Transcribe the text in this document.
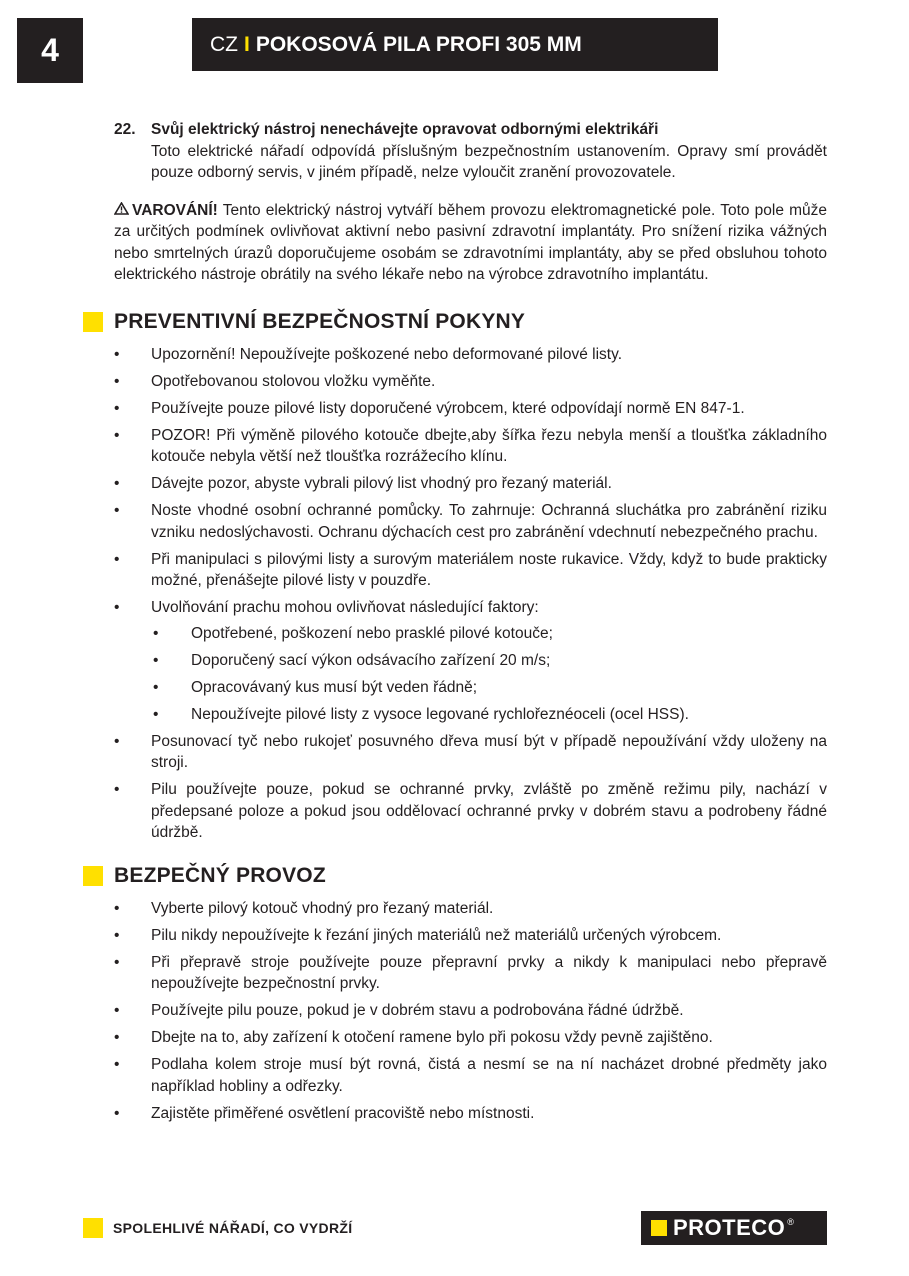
4	CZ I POKOSOVÁ PILA PROFI 305 MM
22. Svůj elektrický nástroj nenechávejte opravovat odbornými elektrikáři
Toto elektrické nářadí odpovídá příslušným bezpečnostním ustanovením. Opravy smí provádět pouze odborný servis, v jiném případě, nelze vyloučit zranění provozovatele.
VAROVÁNÍ! Tento elektrický nástroj vytváří během provozu elektromagnetické pole. Toto pole může za určitých podmínek ovlivňovat aktivní nebo pasivní zdravotní implantáty. Pro snížení rizika vážných nebo smrtelných úrazů doporučujeme osobám se zdravotními implantáty, aby se před obsluhou tohoto elektrického nástroje obrátily na svého lékaře nebo na výrobce zdravotního implantátu.
PREVENTIVNÍ BEZPEČNOSTNÍ POKYNY
• Upozornění! Nepoužívejte poškozené nebo deformované pilové listy.
• Opotřebovanou stolovou vložku vyměňte.
• Používejte pouze pilové listy doporučené výrobcem, které odpovídají normě EN 847-1.
• POZOR! Při výměně pilového kotouče dbejte,aby šířka řezu nebyla menší a tloušťka základního kotouče nebyla větší než tloušťka rozrážecího klínu.
• Dávejte pozor, abyste vybrali pilový list vhodný pro řezaný materiál.
• Noste vhodné osobní ochranné pomůcky. To zahrnuje: Ochranná sluchátka pro zabránění riziku vzniku nedoslýchavosti. Ochranu dýchacích cest pro zabránění vdechnutí nebezpečného prachu.
• Při manipulaci s pilovými listy a surovým materiálem noste rukavice. Vždy, když to bude prakticky možné, přenášejte pilové listy v pouzdře.
• Uvolňování prachu mohou ovlivňovat následující faktory:
• Opotřebené, poškození nebo prasklé pilové kotouče;
• Doporučený sací výkon odsávacího zařízení 20 m/s;
• Opracovávaný kus musí být veden řádně;
• Nepoužívejte pilové listy z vysoce legované rychlořeznéoceli (ocel HSS).
• Posunovací tyč nebo rukojeť posuvného dřeva musí být v případě nepoužívání vždy uloženy na stroji.
• Pilu používejte pouze, pokud se ochranné prvky, zvláště po změně režimu pily, nachází v předepsané poloze a pokud jsou oddělovací ochranné prvky v dobrém stavu a podrobeny řádné údržbě.
BEZPEČNÝ PROVOZ
• Vyberte pilový kotouč vhodný pro řezaný materiál.
• Pilu nikdy nepoužívejte k řezání jiných materiálů než materiálů určených výrobcem.
• Při přepravě stroje používejte pouze přepravní prvky a nikdy k manipulaci nebo přepravě nepoužívejte bezpečnostní prvky.
• Používejte pilu pouze, pokud je v dobrém stavu a podrobována řádné údržbě.
• Dbejte na to, aby zařízení k otočení ramene bylo při pokosu vždy pevně zajištěno.
• Podlaha kolem stroje musí být rovná, čistá a nesmí se na ní nacházet drobné předměty jako například hobliny a odřezky.
• Zajistěte přiměřené osvětlení pracoviště nebo místnosti.
SPOLEHLIVÉ NÁŘADÍ, CO VYDRŽÍ	PROTECO ®
